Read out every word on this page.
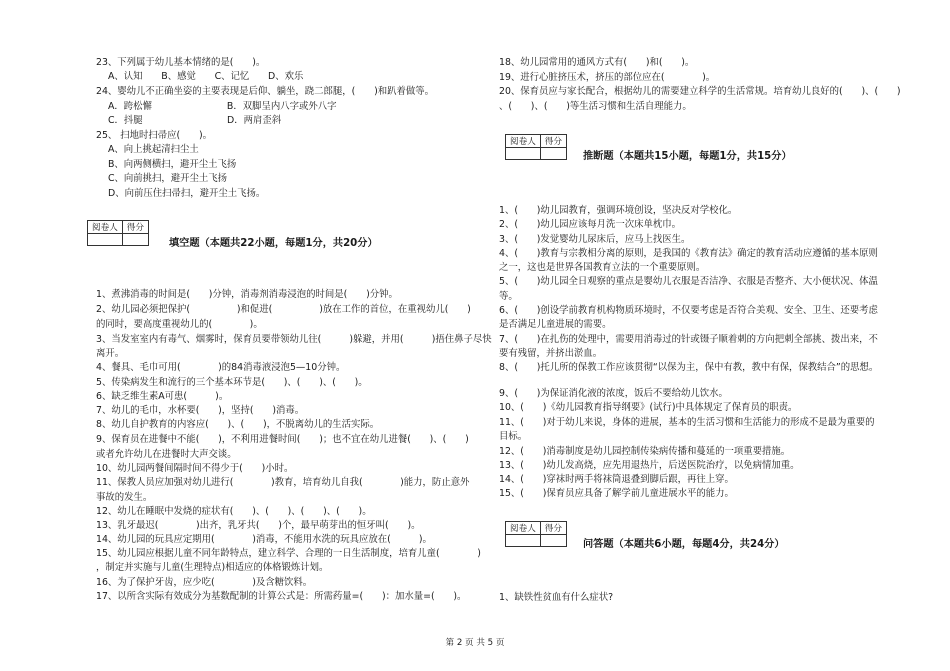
23、下列属于幼儿基本情绪的是(　　)。
A、认知　　B、感觉　　C、记忆　　D、欢乐
24、婴幼儿不正确坐姿的主要表现是后仰、躺坐，跷二郎腿，(　　)和趴着做等。
A．跨松懈　　　　　　　　B．双脚呈内八字或外八字
C．抖腿　　　　　　　　　D．两肩歪斜
25、 扫地时扫帚应(　　)。
A、向上挑起清扫尘土
B、向两侧横扫，避开尘土飞扬
C、向前挑扫，避开尘土飞扬
D、向前压住扫帚扫，避开尘土飞扬。
阅卷人	得分

填空题（本题共22小题，每题1分，共20分）
1、煮沸消毒的时间是(　　)分钟，消毒剂消毒浸泡的时间是(　　)分钟。
2、幼儿园必须把保护(　　　　　)和促进(　　　　　)放在工作的首位，在重视幼儿(　　)
的同时，要高度重视幼儿的(　　　　)。
3、当发室室内有毒气、烟雾时，保育员要带领幼儿往(　　　)躲避，并用(　　　)捂住鼻子尽快
离开。
4、餐具、毛巾可用(　　　　)的84消毒液浸泡5—10分钟。
5、传染病发生和流行的三个基本环节是(　　)、(　　)、(　　)。
6、缺乏维生素A可患(　　　)。
7、幼儿的毛巾，水杯要(　　)，坚持(　　)消毒。
8、幼儿自护教育的内容应(　　)、(　　)，不脱离幼儿的生活实际。
9、保育员在进餐中不能(　　)，不利用进餐时间(　　)；也不宜在幼儿进餐(　　)、(　　)
或者允许幼儿在进餐时大声交谈。
10、幼儿园两餐间隔时间不得少于(　　)小时。
11、保教人员应加强对幼儿进行(　　　　)教育，培育幼儿自我(　　　　)能力，防止意外
事故的发生。
12、幼儿在睡眠中发烧的症状有(　　)、(　　)、(　　)、(　　)。
13、乳牙最迟(　　　　)出齐，乳牙共(　　)个，最早萌芽出的恒牙叫(　　)。
14、幼儿园的玩具应定期用(　　　　)消毒，不能用水洗的玩具应放在(　　　)。
15、幼儿园应根据儿童不同年龄特点，建立科学、合理的一日生活制度，培育儿童(　　　　)
，制定并实施与儿童(生理特点)相适应的体格锻炼计划。
16、为了保护牙齿，应少吃(　　　　)及含糖饮料。
17、以所含实际有效成分为基数配制的计算公式是：所需药量=(　　)：加水量=(　　)。
18、幼儿园常用的通风方式有(　　)和(　　)。
19、进行心脏挤压术，挤压的部位应在(　　　　)。
20、保育员应与家长配合，根据幼儿的需要建立科学的生活常规。培育幼儿良好的(　　)、(　　)
、(　　)、(　　)等生活习惯和生活自理能力。
阅卷人	得分

推断题（本题共15小题，每题1分，共15分）
1、(　　)幼儿园教育，强调环境创设，坚决反对学校化。
2、(　　)幼儿园应该每月洗一次床单枕巾。
3、(　　)发觉婴幼儿尿床后，应马上找医生。
4、(　　)教育与宗教相分离的原则，是我国的《教育法》确定的教育活动应遵循的基本原则
之一，这也是世界各国教育立法的一个重要原则。
5、(　　)幼儿园全日观察的重点是婴幼儿衣服是否洁净、衣服是否整齐、大小便状况、体温
等。
6、(　　)创设学前教育机构物质环境时，不仅要考虑是否符合美观、安全、卫生、还要考虑
是否满足儿童进展的需要。
7、(　　)在扎伤的处理中，需要用消毒过的针或镊子顺着刺的方向把刺全部挑、拨出来，不
要有残留，并挤出淤血。
8、(　　)托儿所的保教工作应该贯彻“以保为主，保中有教，教中有保，保教结合”的思想。
9、(　　)为保证消化液的浓度，饭后不要给幼儿饮水。
10、(　　)《幼儿园教育指导纲要》(试行)中具体规定了保育员的职责。
11、(　　)对于幼儿来说，身体的进展，基本的生活习惯和生活能力的形成不是最为重要的
目标。
12、(　　)消毒制度是幼儿园控制传染病传播和蔓延的一项重要措施。
13、(　　)幼儿发高烧，应先用退热片，后送医院治疗，以免病情加重。
14、(　　)穿袜时两手将袜筒退叠到脚后跟，再往上穿。
15、(　　)保育员应具备了解学前儿童进展水平的能力。
阅卷人	得分

问答题（本题共6小题，每题4分，共24分）
1、缺铁性贫血有什么症状?
第 2 页 共 5 页
